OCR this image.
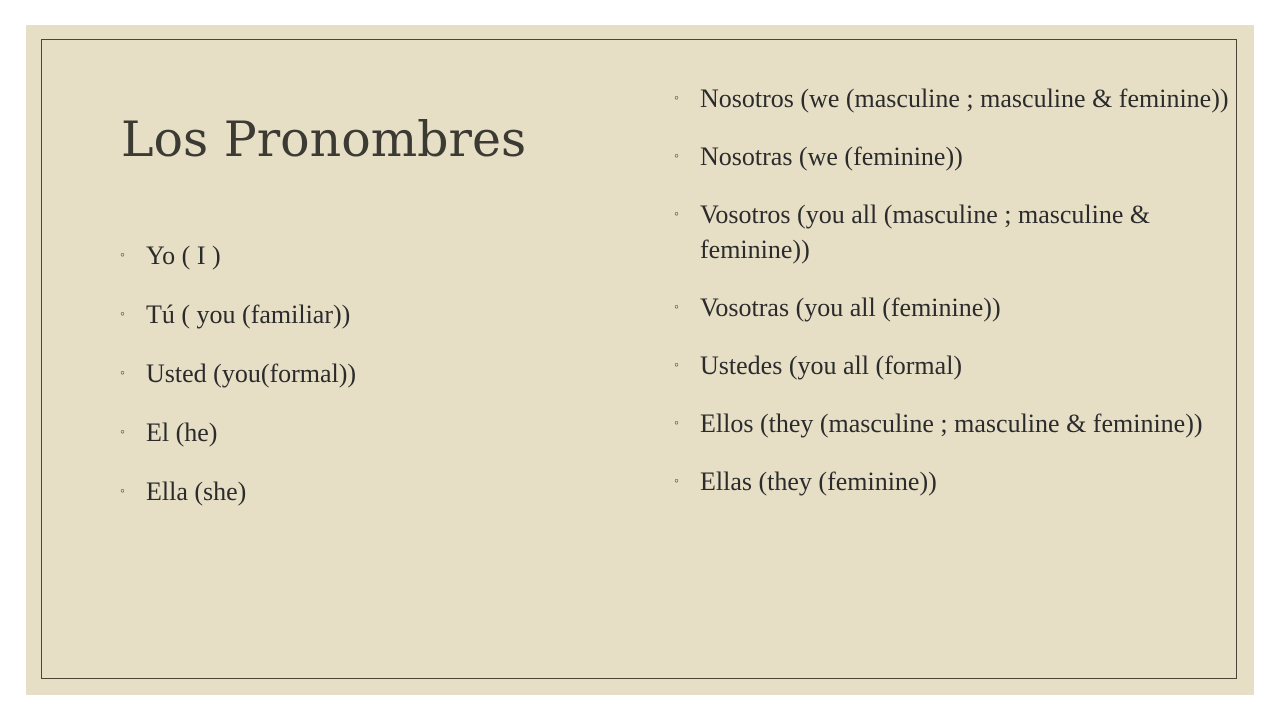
Los Pronombres
◦ Yo ( I )
◦ Tú ( you (familiar))
◦ Usted (you(formal))
◦ El (he)
◦ Ella (she)
◦ Nosotros (we (masculine ; masculine & feminine))
◦ Nosotras (we (feminine))
◦ Vosotros (you all (masculine ; masculine & feminine))
◦ Vosotras (you all (feminine))
◦ Ustedes (you all (formal)
◦ Ellos (they (masculine ; masculine & feminine))
◦ Ellas (they (feminine))
